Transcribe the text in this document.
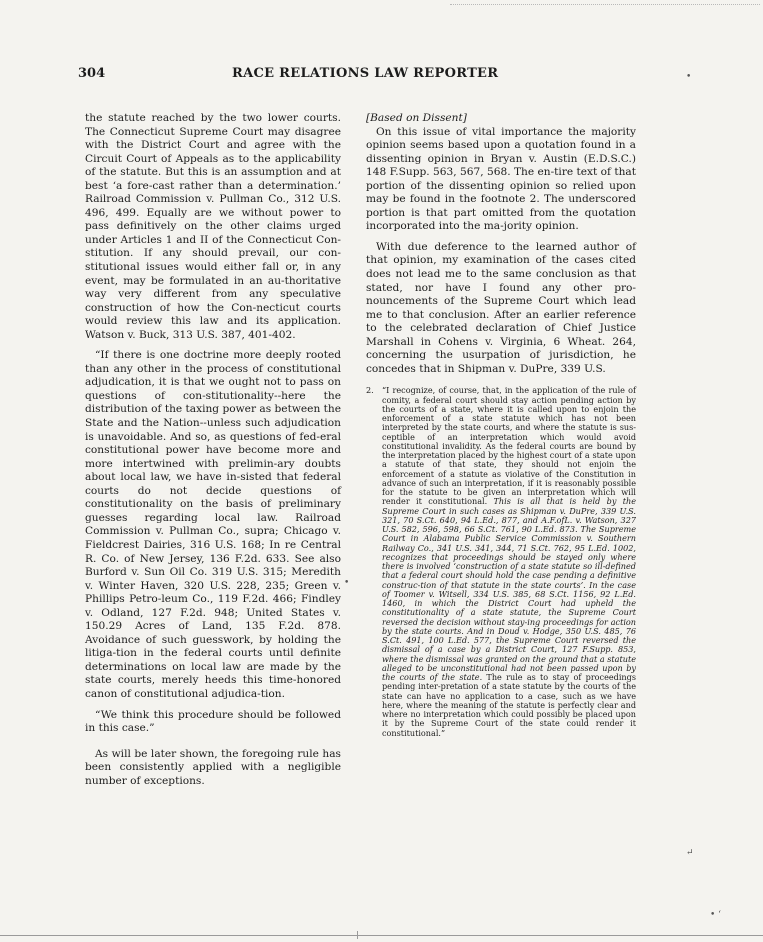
304	RACE RELATIONS LAW REPORTER	•
•
↵
• ‘

the statute reached by the two lower courts. The Connecticut Supreme Court may disagree with the District Court and agree with the Circuit Court of Appeals as to the applicability of the statute. But this is an assumption and at best ‘a fore-cast rather than a determination.’ Railroad Commission v. Pullman Co., 312 U.S. 496, 499. Equally are we without power to pass definitively on the other claims urged under Articles 1 and II of the Connecticut Con-stitution. If any should prevail, our con-stitutional issues would either fall or, in any event, may be formulated in an au-thoritative way very different from any speculative construction of how the Con-necticut courts would review this law and its application. Watson v. Buck, 313 U.S. 387, 401-402.

“If there is one doctrine more deeply rooted than any other in the process of constitutional adjudication, it is that we ought not to pass on questions of con-stitutionality--here the distribution of the taxing power as between the State and the Nation--unless such adjudication is unavoidable. And so, as questions of fed-eral constitutional power have become more and more intertwined with prelimin-ary doubts about local law, we have in-sisted that federal courts do not decide questions of constitutionality on the basis of preliminary guesses regarding local law. Railroad Commission v. Pullman Co., supra; Chicago v. Fieldcrest Dairies, 316 U.S. 168; In re Central R. Co. of New Jersey, 136 F.2d. 633. See also Burford v. Sun Oil Co. 319 U.S. 315; Meredith v. Winter Haven, 320 U.S. 228, 235; Green v. Phillips Petro-leum Co., 119 F.2d. 466; Findley v. Odland, 127 F.2d. 948; United States v. 150.29 Acres of Land, 135 F.2d. 878. Avoidance of such guesswork, by holding the litiga-tion in the federal courts until definite determinations on local law are made by the state courts, merely heeds this time-honored canon of constitutional adjudica-tion.

“We think this procedure should be followed in this case.”

As will be later shown, the foregoing rule has been consistently applied with a negligible number of exceptions.

[Based on Dissent]

On this issue of vital importance the majority opinion seems based upon a quotation found in a dissenting opinion in Bryan v. Austin (E.D.S.C.) 148 F.Supp. 563, 567, 568. The en-tire text of that portion of the dissenting opinion so relied upon may be found in the footnote 2. The underscored portion is that part omitted from the quotation incorporated into the ma-jority opinion.

With due deference to the learned author of that opinion, my examination of the cases cited does not lead me to the same conclusion as that stated, nor have I found any other pro-nouncements of the Supreme Court which lead me to that conclusion. After an earlier reference to the celebrated declaration of Chief Justice Marshall in Cohens v. Virginia, 6 Wheat. 264, concerning the usurpation of jurisdiction, he concedes that in Shipman v. DuPre, 339 U.S.

2. “I recognize, of course, that, in the application of the rule of comity, a federal court should stay action pending action by the courts of a state, where it is called upon to enjoin the enforcement of a state statute which has not been interpreted by the state courts, and where the statute is sus-ceptible of an interpretation which would avoid constitutional invalidity. As the federal courts are bound by the interpretation placed by the highest court of a state upon a statute of that state, they should not enjoin the enforcement of a statute as violative of the Constitution in advance of such an interpretation, if it is reasonably possible for the statute to be given an interpretation which will render it constitutional. This is all that is held by the Supreme Court in such cases as Shipman v. DuPre, 339 U.S. 321, 70 S.Ct. 640, 94 L.Ed., 877, and A.F.ofL. v. Watson, 327 U.S. 582, 596, 598, 66 S.Ct. 761, 90 L.Ed. 873. The Supreme Court in Alabama Public Service Commission v. Southern Railway Co., 341 U.S. 341, 344, 71 S.Ct. 762, 95 L.Ed. 1002, recognizes that proceedings should be stayed only where there is involved ‘construction of a state statute so ill-defined that a federal court should hold the case pending a definitive construc-tion of that statute in the state courts’. In the case of Toomer v. Witsell, 334 U.S. 385, 68 S.Ct. 1156, 92 L.Ed. 1460, in which the District Court had upheld the constitutionality of a state statute, the Supreme Court reversed the decision without stay-ing proceedings for action by the state courts. And in Doud v. Hodge, 350 U.S. 485, 76 S.Ct. 491, 100 L.Ed. 577, the Supreme Court reversed the dismissal of a case by a District Court, 127 F.Supp. 853, where the dismissal was granted on the ground that a statute alleged to be unconstitutional had not been passed upon by the courts of the state. The rule as to stay of proceedings pending inter-pretation of a state statute by the courts of the state can have no application to a case, such as we have here, where the meaning of the statute is perfectly clear and where no interpretation which could possibly be placed upon it by the Supreme Court of the state could render it constitutional.”
